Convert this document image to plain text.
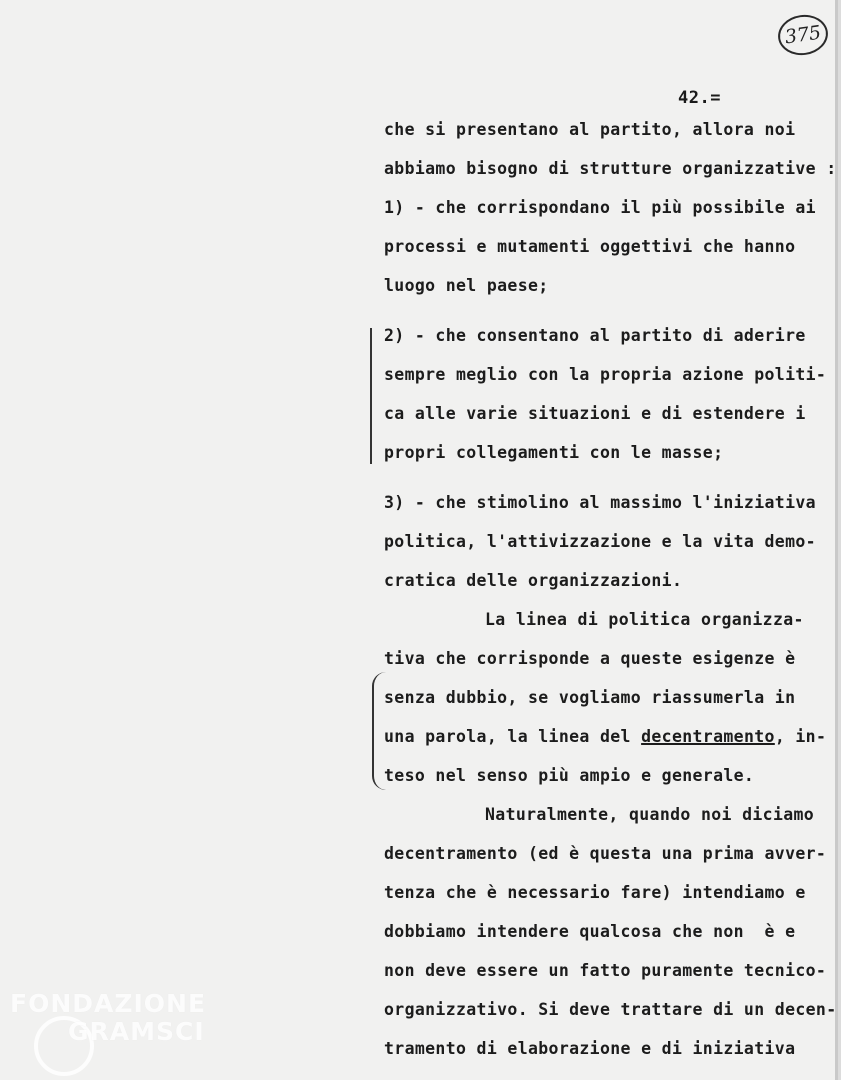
375
42.=
che si presentano al partito, allora noi
abbiamo bisogno di strutture organizzative :
1) - che corrispondano il più possibile ai
processi e mutamenti oggettivi che hanno
luogo nel paese;
2) - che consentano al partito di aderire
sempre meglio con la propria azione politi-
ca alle varie situazioni e di estendere i
propri collegamenti con le masse;
3) - che stimolino al massimo l'iniziativa
politica, l'attivizzazione e la vita demo-
cratica delle organizzazioni.
La linea di politica organizza-
tiva che corrisponde a queste esigenze è
senza dubbio, se vogliamo riassumerla in
una parola, la linea del decentramento, in-
teso nel senso più ampio e generale.
Naturalmente, quando noi diciamo
decentramento (ed è questa una prima avver-
tenza che è necessario fare) intendiamo e
dobbiamo intendere qualcosa che non  è e
non deve essere un fatto puramente tecnico-
organizzativo. Si deve trattare di un decen-
tramento di elaborazione e di iniziativa
FONDAZIONE
GRAMSCI
